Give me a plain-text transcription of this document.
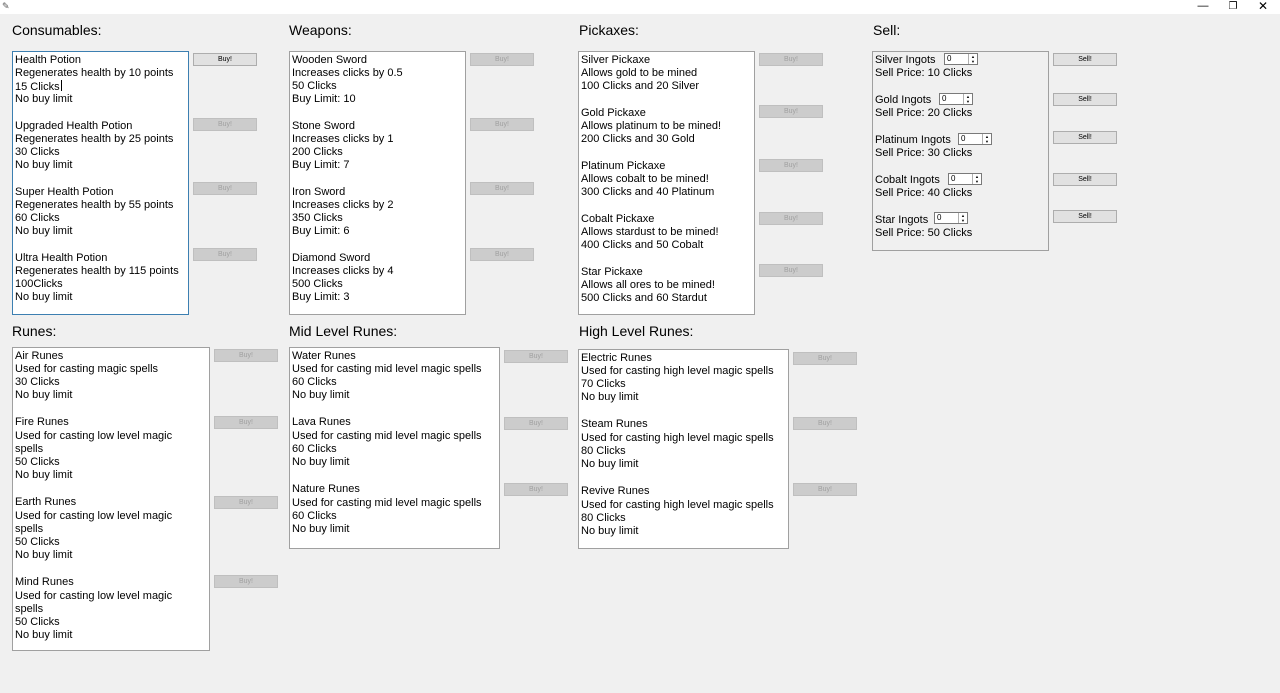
✎	—	❐	✕
Consumables:
Health Potion
Regenerates health by 10 points
15 Clicks
No buy limit
Upgraded Health Potion
Regenerates health by 25 points
30 Clicks
No buy limit
Super Health Potion
Regenerates health by 55 points
60 Clicks
No buy limit
Ultra Health Potion
Regenerates health by 115 points
100Clicks
No buy limit
Buy!
Buy!
Buy!
Buy!
Weapons:
Wooden Sword
Increases clicks by 0.5
50 Clicks
Buy Limit: 10
Stone Sword
Increases clicks by 1
200 Clicks
Buy Limit: 7
Iron Sword
Increases clicks by 2
350 Clicks
Buy Limit: 6
Diamond Sword
Increases clicks by 4
500 Clicks
Buy Limit: 3
Buy!
Buy!
Buy!
Buy!
Pickaxes:
Silver Pickaxe
Allows gold to be mined
100 Clicks and 20 Silver
Gold Pickaxe
Allows platinum to be mined!
200 Clicks and 30 Gold
Platinum Pickaxe
Allows cobalt to be mined!
300 Clicks and 40 Platinum
Cobalt Pickaxe
Allows stardust to be mined!
400 Clicks and 50 Cobalt
Star Pickaxe
Allows all ores to be mined!
500 Clicks and 60 Stardut
Buy!
Buy!
Buy!
Buy!
Buy!
Sell:
Silver Ingots
Sell Price: 10 Clicks
Gold Ingots
Sell Price: 20 Clicks
Platinum Ingots
Sell Price: 30 Clicks
Cobalt Ingots
Sell Price: 40 Clicks
Star Ingots
Sell Price: 50 Clicks
0	▲
▼
0	▲
▼
0	▲
▼
0	▲
▼
0	▲
▼
Sell!
Sell!
Sell!
Sell!
Sell!
Runes:
Air Runes
Used for casting magic spells
30 Clicks
No buy limit
Fire Runes
Used for casting low level magic
spells
50 Clicks
No buy limit
Earth Runes
Used for casting low level magic
spells
50 Clicks
No buy limit
Mind Runes
Used for casting low level magic
spells
50 Clicks
No buy limit
Buy!
Buy!
Buy!
Buy!
Mid Level Runes:
Water Runes
Used for casting mid level magic spells
60 Clicks
No buy limit
Lava Runes
Used for casting mid level magic spells
60 Clicks
No buy limit
Nature Runes
Used for casting mid level magic spells
60 Clicks
No buy limit
Buy!
Buy!
Buy!
High Level Runes:
Electric Runes
Used for casting high level magic spells
70 Clicks
No buy limit
Steam Runes
Used for casting high level magic spells
80 Clicks
No buy limit
Revive Runes
Used for casting high level magic spells
80 Clicks
No buy limit
Buy!
Buy!
Buy!
